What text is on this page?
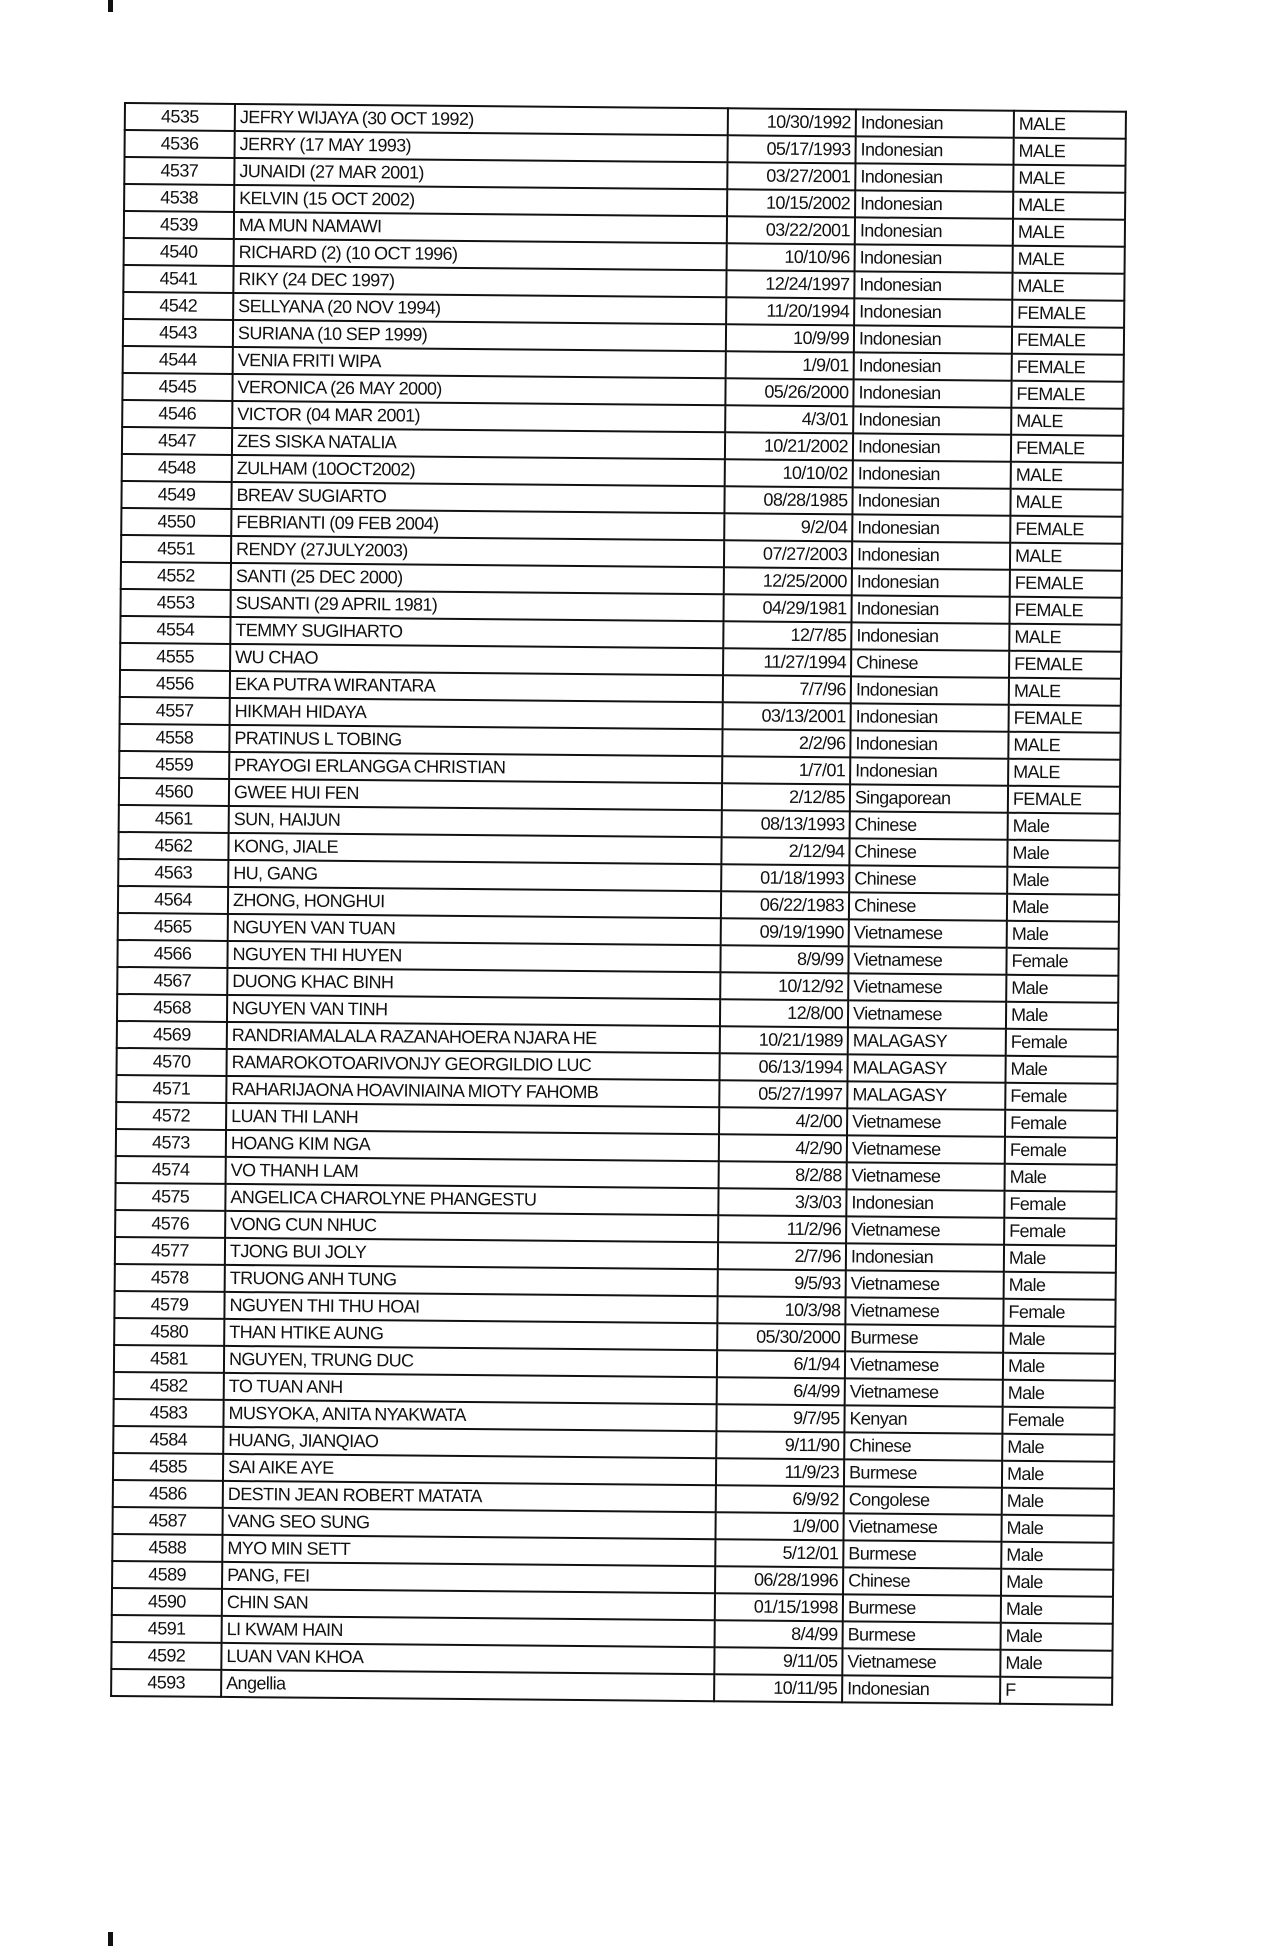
4535	JEFRY WIJAYA (30 OCT 1992)	10/30/1992	Indonesian	MALE
4536	JERRY (17 MAY 1993)	05/17/1993	Indonesian	MALE
4537	JUNAIDI (27 MAR 2001)	03/27/2001	Indonesian	MALE
4538	KELVIN (15 OCT 2002)	10/15/2002	Indonesian	MALE
4539	MA MUN NAMAWI	03/22/2001	Indonesian	MALE
4540	RICHARD (2) (10 OCT 1996)	10/10/96	Indonesian	MALE
4541	RIKY (24 DEC 1997)	12/24/1997	Indonesian	MALE
4542	SELLYANA (20 NOV 1994)	11/20/1994	Indonesian	FEMALE
4543	SURIANA (10 SEP 1999)	10/9/99	Indonesian	FEMALE
4544	VENIA FRITI WIPA	1/9/01	Indonesian	FEMALE
4545	VERONICA (26 MAY 2000)	05/26/2000	Indonesian	FEMALE
4546	VICTOR (04 MAR 2001)	4/3/01	Indonesian	MALE
4547	ZES SISKA NATALIA	10/21/2002	Indonesian	FEMALE
4548	ZULHAM (10OCT2002)	10/10/02	Indonesian	MALE
4549	BREAV SUGIARTO	08/28/1985	Indonesian	MALE
4550	FEBRIANTI (09 FEB 2004)	9/2/04	Indonesian	FEMALE
4551	RENDY (27JULY2003)	07/27/2003	Indonesian	MALE
4552	SANTI (25 DEC 2000)	12/25/2000	Indonesian	FEMALE
4553	SUSANTI (29 APRIL 1981)	04/29/1981	Indonesian	FEMALE
4554	TEMMY SUGIHARTO	12/7/85	Indonesian	MALE
4555	WU CHAO	11/27/1994	Chinese	FEMALE
4556	EKA PUTRA WIRANTARA	7/7/96	Indonesian	MALE
4557	HIKMAH HIDAYA	03/13/2001	Indonesian	FEMALE
4558	PRATINUS L TOBING	2/2/96	Indonesian	MALE
4559	PRAYOGI ERLANGGA CHRISTIAN	1/7/01	Indonesian	MALE
4560	GWEE HUI FEN	2/12/85	Singaporean	FEMALE
4561	SUN, HAIJUN	08/13/1993	Chinese	Male
4562	KONG, JIALE	2/12/94	Chinese	Male
4563	HU, GANG	01/18/1993	Chinese	Male
4564	ZHONG, HONGHUI	06/22/1983	Chinese	Male
4565	NGUYEN VAN TUAN	09/19/1990	Vietnamese	Male
4566	NGUYEN THI HUYEN	8/9/99	Vietnamese	Female
4567	DUONG KHAC BINH	10/12/92	Vietnamese	Male
4568	NGUYEN VAN TINH	12/8/00	Vietnamese	Male
4569	RANDRIAMALALA RAZANAHOERA NJARA HE	10/21/1989	MALAGASY	Female
4570	RAMAROKOTOARIVONJY GEORGILDIO LUC	06/13/1994	MALAGASY	Male
4571	RAHARIJAONA HOAVINIAINA MIOTY FAHOMB	05/27/1997	MALAGASY	Female
4572	LUAN THI LANH	4/2/00	Vietnamese	Female
4573	HOANG KIM NGA	4/2/90	Vietnamese	Female
4574	VO THANH LAM	8/2/88	Vietnamese	Male
4575	ANGELICA CHAROLYNE PHANGESTU	3/3/03	Indonesian	Female
4576	VONG CUN NHUC	11/2/96	Vietnamese	Female
4577	TJONG BUI JOLY	2/7/96	Indonesian	Male
4578	TRUONG ANH TUNG	9/5/93	Vietnamese	Male
4579	NGUYEN THI THU HOAI	10/3/98	Vietnamese	Female
4580	THAN HTIKE AUNG	05/30/2000	Burmese	Male
4581	NGUYEN, TRUNG DUC	6/1/94	Vietnamese	Male
4582	TO TUAN ANH	6/4/99	Vietnamese	Male
4583	MUSYOKA, ANITA NYAKWATA	9/7/95	Kenyan	Female
4584	HUANG, JIANQIAO	9/11/90	Chinese	Male
4585	SAI AIKE AYE	11/9/23	Burmese	Male
4586	DESTIN JEAN ROBERT MATATA	6/9/92	Congolese	Male
4587	VANG SEO SUNG	1/9/00	Vietnamese	Male
4588	MYO MIN SETT	5/12/01	Burmese	Male
4589	PANG, FEI	06/28/1996	Chinese	Male
4590	CHIN SAN	01/15/1998	Burmese	Male
4591	LI KWAM HAIN	8/4/99	Burmese	Male
4592	LUAN VAN KHOA	9/11/05	Vietnamese	Male
4593	Angellia	10/11/95	Indonesian	F
